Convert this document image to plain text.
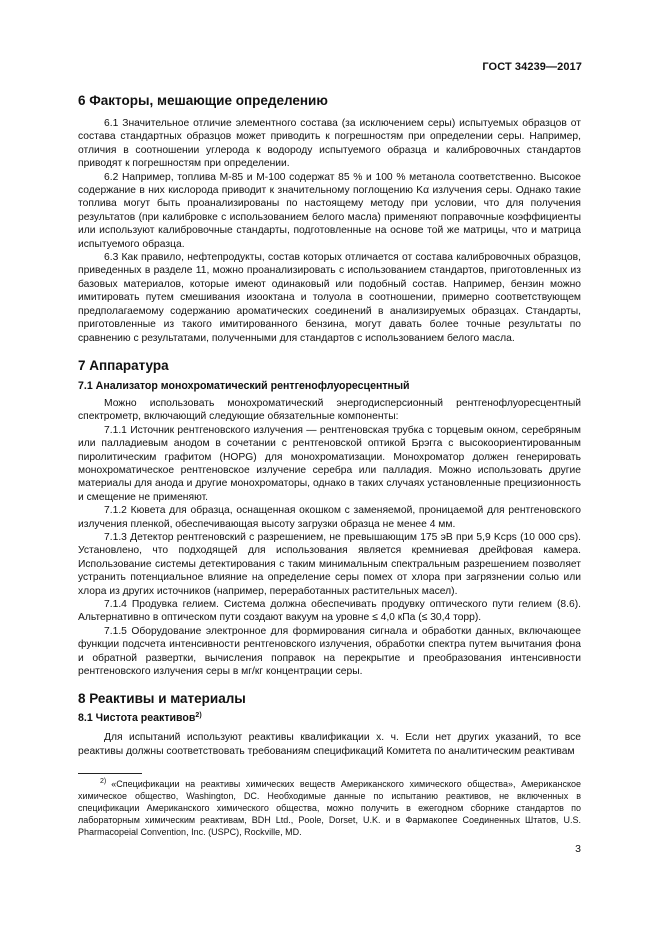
ГОСТ 34239—2017
6 Факторы, мешающие определению

6.1 Значительное отличие элементного состава (за исключением серы) испытуемых образцов от состава стандартных образцов может приводить к погрешностям при определении серы. Например, отличия в соотношении углерода к водороду испытуемого образца и калибровочных стандартов приводят к погрешностям при определении.

6.2 Например, топлива М-85 и М-100 содержат 85 % и 100 % метанола соответственно. Высокое содержание в них кислорода приводит к значительному поглощению Kα излучения серы. Однако такие топлива могут быть проанализированы по настоящему методу при условии, что для получения результатов (при калибровке с использованием белого масла) применяют поправочные коэффициенты или используют калибровочные стандарты, подготовленные на основе той же матрицы, что и матрица испытуемого образца.

6.3 Как правило, нефтепродукты, состав которых отличается от состава калибровочных образцов, приведенных в разделе 11, можно проанализировать с использованием стандартов, приготовленных из базовых материалов, которые имеют одинаковый или подобный состав. Например, бензин можно имитировать путем смешивания изооктана и толуола в соотношении, примерно соответствующем предполагаемому содержанию ароматических соединений в анализируемых образцах. Стандарты, приготовленные из такого имитированного бензина, могут давать более точные результаты по сравнению с результатами, полученными для стандартов с использованием белого масла.

7 Аппаратура
7.1 Анализатор монохроматический рентгенофлуоресцентный

Можно использовать монохроматический энергодисперсионный рентгенофлуоресцентный спектрометр, включающий следующие обязательные компоненты:

7.1.1 Источник рентгеновского излучения — рентгеновская трубка с торцевым окном, серебряным или палладиевым анодом в сочетании с рентгеновской оптикой Брэгга с высокоориентированным пиролитическим графитом (HOPG) для монохроматизации. Монохроматор должен генерировать монохроматическое рентгеновское излучение серебра или палладия. Можно использовать другие материалы для анода и другие монохроматоры, однако в таких случаях установленные прецизионность и смещение не применяют.

7.1.2 Кювета для образца, оснащенная окошком с заменяемой, проницаемой для рентгеновского излучения пленкой, обеспечивающая высоту загрузки образца не менее 4 мм.

7.1.3 Детектор рентгеновский с разрешением, не превышающим 175 эВ при 5,9 Kcps (10 000 cps). Установлено, что подходящей для использования является кремниевая дрейфовая камера. Использование системы детектирования с таким минимальным спектральным разрешением позволяет устранить потенциальное влияние на определение серы помех от хлора при загрязнении солью или хлора из других источников (например, переработанных растительных масел).

7.1.4 Продувка гелием. Система должна обеспечивать продувку оптического пути гелием (8.6). Альтернативно в оптическом пути создают вакуум на уровне ≤ 4,0 кПа (≤ 30,4 торр).

7.1.5 Оборудование электронное для формирования сигнала и обработки данных, включающее функции подсчета интенсивности рентгеновского излучения, обработки спектра путем вычитания фона и обратной развертки, вычисления поправок на перекрытие и преобразования интенсивности рентгеновского излучения серы в мг/кг концентрации серы.

8 Реактивы и материалы
8.1 Чистота реактивов$^{2)}$

Для испытаний используют реактивы квалификации х. ч. Если нет других указаний, то все реактивы должны соответствовать требованиям спецификаций Комитета по аналитическим реактивам

$^{2)}$ «Спецификации на реактивы химических веществ Американского химического общества», Американское химическое общество, Washington, DC. Необходимые данные по испытанию реактивов, не включенных в спецификации Американского химического общества, можно получить в ежегодном сборнике стандартов по лабораторным химическим реактивам, BDH Ltd., Poole, Dorset, U.K. и в Фармакопее Соединенных Штатов, U.S. Pharmacopeial Convention, Inc. (USPC), Rockville, MD.
3
